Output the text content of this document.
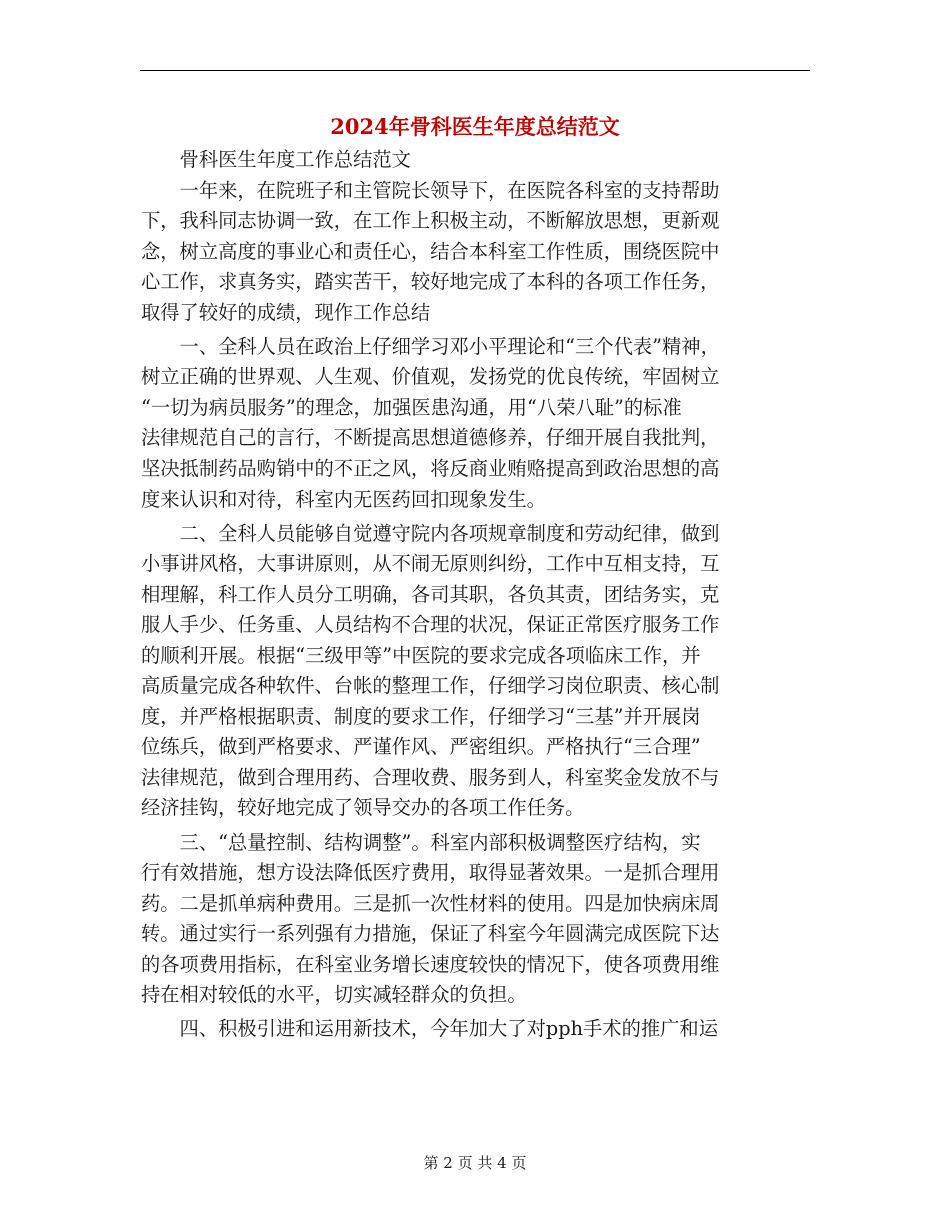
2024年骨科医生年度总结范文
　　骨科医生年度工作总结范文
　　一年来，在院班子和主管院长领导下，在医院各科室的支持帮助
下，我科同志协调一致，在工作上积极主动，不断解放思想，更新观
念，树立高度的事业心和责任心，结合本科室工作性质，围绕医院中
心工作，求真务实，踏实苦干，较好地完成了本科的各项工作任务，
取得了较好的成绩，现作工作总结
　　一、全科人员在政治上仔细学习邓小平理论和“三个代表”精神，
树立正确的世界观、人生观、价值观，发扬党的优良传统，牢固树立
“一切为病员服务”的理念，加强医患沟通，用“八荣八耻”的标准
法律规范自己的言行，不断提高思想道德修养，仔细开展自我批判，
坚决抵制药品购销中的不正之风，将反商业贿赂提高到政治思想的高
度来认识和对待，科室内无医药回扣现象发生。
　　二、全科人员能够自觉遵守院内各项规章制度和劳动纪律，做到
小事讲风格，大事讲原则，从不闹无原则纠纷，工作中互相支持，互
相理解，科工作人员分工明确，各司其职，各负其责，团结务实，克
服人手少、任务重、人员结构不合理的状况，保证正常医疗服务工作
的顺利开展。根据“三级甲等”中医院的要求完成各项临床工作，并
高质量完成各种软件、台帐的整理工作，仔细学习岗位职责、核心制
度，并严格根据职责、制度的要求工作，仔细学习“三基”并开展岗
位练兵，做到严格要求、严谨作风、严密组织。严格执行“三合理”
法律规范，做到合理用药、合理收费、服务到人，科室奖金发放不与
经济挂钩，较好地完成了领导交办的各项工作任务。
　　三、“总量控制、结构调整”。科室内部积极调整医疗结构，实
行有效措施，想方设法降低医疗费用，取得显著效果。一是抓合理用
药。二是抓单病种费用。三是抓一次性材料的使用。四是加快病床周
转。通过实行一系列强有力措施，保证了科室今年圆满完成医院下达
的各项费用指标，在科室业务增长速度较快的情况下，使各项费用维
持在相对较低的水平，切实减轻群众的负担。
　　四、积极引进和运用新技术，今年加大了对pph手术的推广和运
第 2 页 共 4 页
